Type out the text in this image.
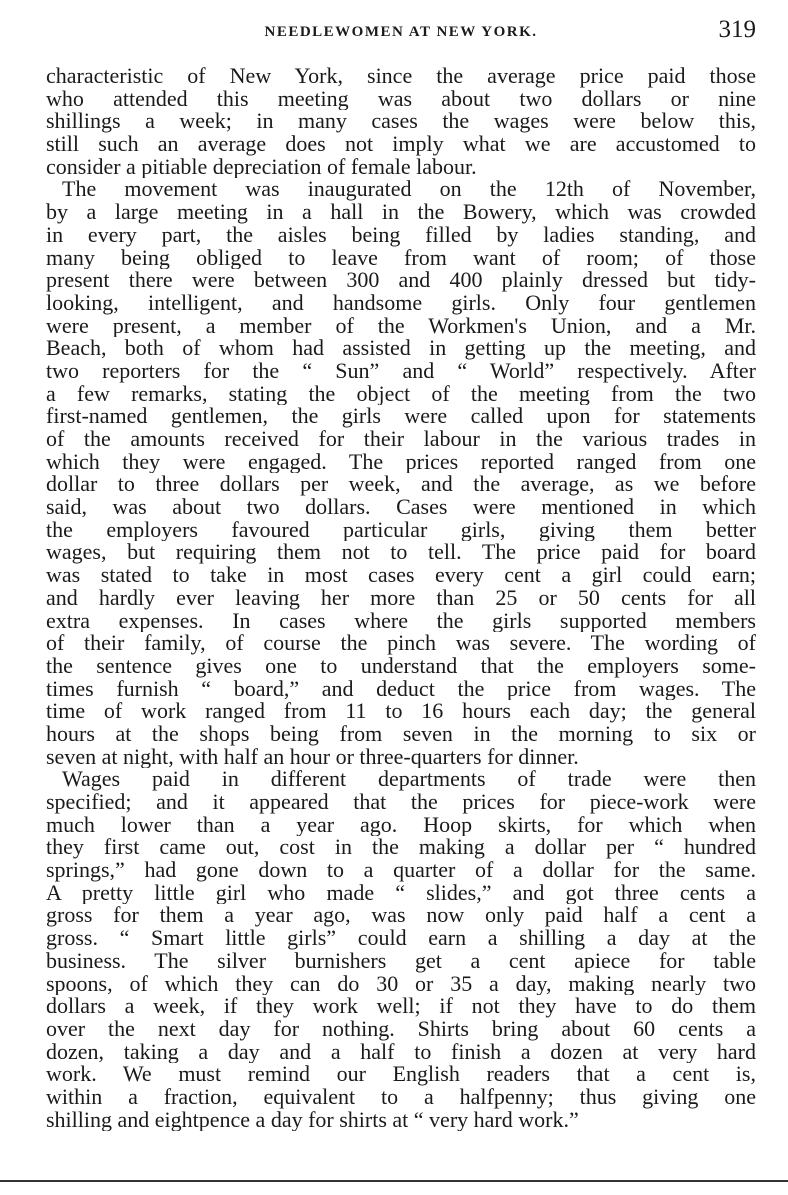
NEEDLEWOMEN AT NEW YORK.	319

characteristic of New York, since the average price paid those
who attended this meeting was about two dollars or nine
shillings a week; in many cases the wages were below this,
still such an average does not imply what we are accustomed to
consider a pitiable depreciation of female labour.

The movement was inaugurated on the 12th of November,
by a large meeting in a hall in the Bowery, which was crowded
in every part, the aisles being filled by ladies standing, and
many being obliged to leave from want of room; of those
present there were between 300 and 400 plainly dressed but tidy-
looking, intelligent, and handsome girls. Only four gentlemen
were present, a member of the Workmen's Union, and a Mr.
Beach, both of whom had assisted in getting up the meeting, and
two reporters for the “ Sun” and “ World” respectively. After
a few remarks, stating the object of the meeting from the two
first-named gentlemen, the girls were called upon for statements
of the amounts received for their labour in the various trades in
which they were engaged. The prices reported ranged from one
dollar to three dollars per week, and the average, as we before
said, was about two dollars. Cases were mentioned in which
the employers favoured particular girls, giving them better
wages, but requiring them not to tell. The price paid for board
was stated to take in most cases every cent a girl could earn;
and hardly ever leaving her more than 25 or 50 cents for all
extra expenses. In cases where the girls supported members
of their family, of course the pinch was severe. The wording of
the sentence gives one to understand that the employers some-
times furnish “ board,” and deduct the price from wages. The
time of work ranged from 11 to 16 hours each day; the general
hours at the shops being from seven in the morning to six or
seven at night, with half an hour or three-quarters for dinner.

Wages paid in different departments of trade were then
specified; and it appeared that the prices for piece-work were
much lower than a year ago. Hoop skirts, for which when
they first came out, cost in the making a dollar per “ hundred
springs,” had gone down to a quarter of a dollar for the same.
A pretty little girl who made “ slides,” and got three cents a
gross for them a year ago, was now only paid half a cent a
gross. “ Smart little girls” could earn a shilling a day at the
business. The silver burnishers get a cent apiece for table
spoons, of which they can do 30 or 35 a day, making nearly two
dollars a week, if they work well; if not they have to do them
over the next day for nothing. Shirts bring about 60 cents a
dozen, taking a day and a half to finish a dozen at very hard
work. We must remind our English readers that a cent is,
within a fraction, equivalent to a halfpenny; thus giving one
shilling and eightpence a day for shirts at “ very hard work.”
